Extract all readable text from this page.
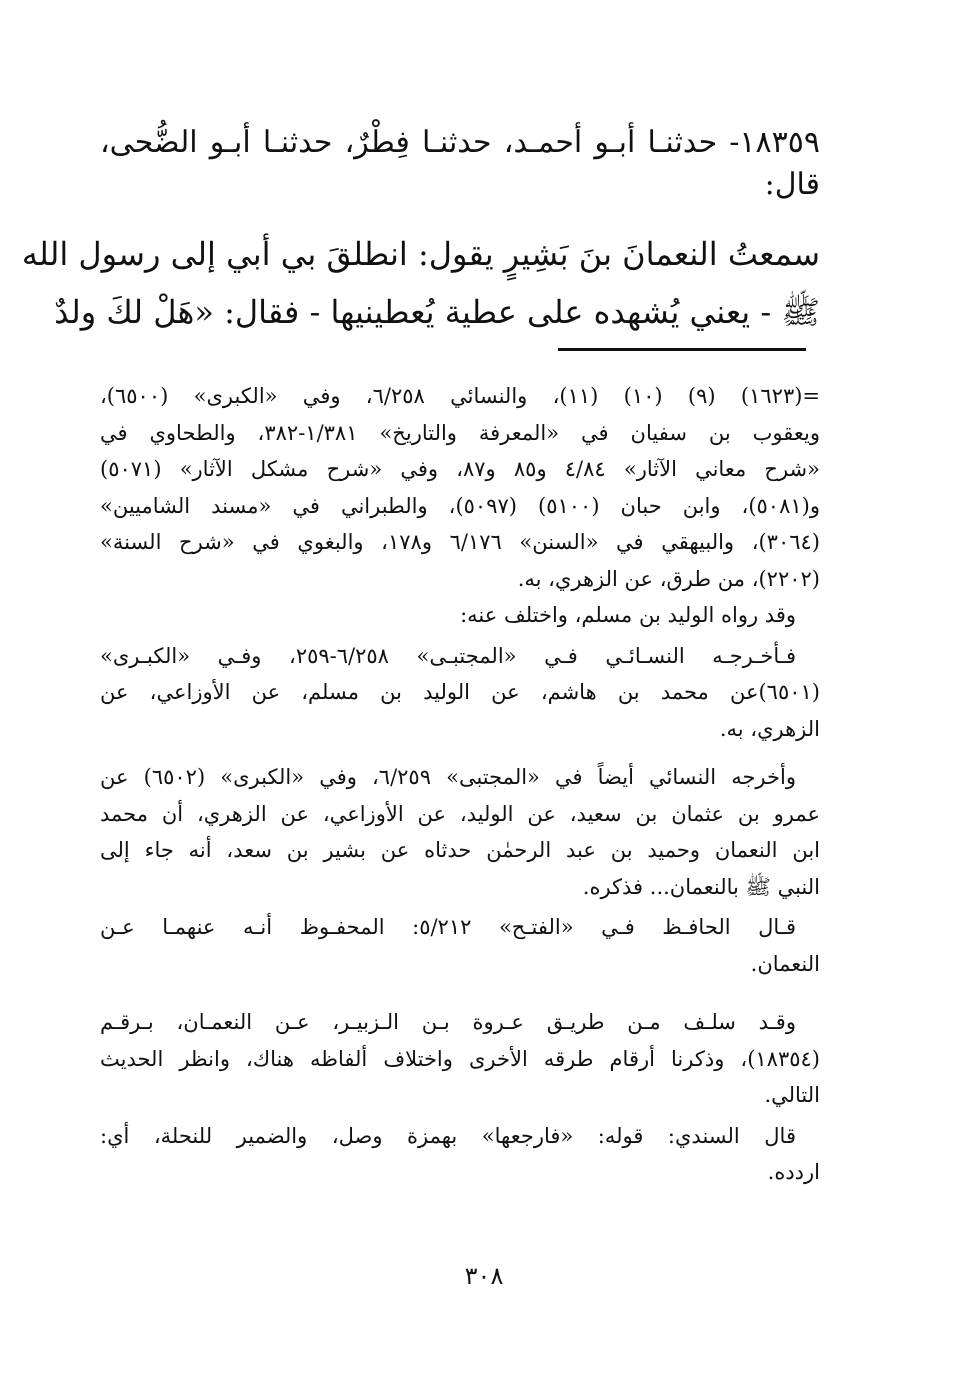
١٨٣٥٩- حدثنـا أبـو أحمـد، حدثنـا فِطْرٌ، حدثنـا أبـو الضُّحى،
قال:
سمعتُ النعمانَ بنَ بَشِيرٍ يقول: انطلقَ بي أبي إلى رسول الله
ﷺ - يعني يُشهده على عطية يُعطينيها - فقال: «هَلْ لكَ ولدٌ

=(١٦٢٣) (٩) (١٠) (١١)، والنسائي ٦/٢٥٨، وفي «الكبرى» (٦٥٠٠)،
ويعقوب بن سفيان في «المعرفة والتاريخ» ١/٣٨١-٣٨٢، والطحاوي في
«شرح معاني الآثار» ٤/٨٤ و٨٥ و٨٧، وفي «شرح مشكل الآثار» (٥٠٧١)
و(٥٠٨١)، وابن حبان (٥١٠٠) (٥٠٩٧)، والطبراني في «مسند الشاميين»
(٣٠٦٤)، والبيهقي في «السنن» ٦/١٧٦ و١٧٨، والبغوي في «شرح السنة»
(٢٢٠٢)، من طرق، عن الزهري، به.

وقد رواه الوليد بن مسلم، واختلف عنه:

فـأخـرجـه النسـائـي فـي «المجتبـى» ٦/٢٥٨-٢٥٩، وفـي «الكبـرى»
(٦٥٠١)عن محمد بن هاشم، عن الوليد بن مسلم، عن الأوزاعي، عن
الزهري، به.

وأخرجه النسائي أيضاً في «المجتبى» ٦/٢٥٩، وفي «الكبرى» (٦٥٠٢) عن
عمرو بن عثمان بن سعيد، عن الوليد، عن الأوزاعي، عن الزهري، أن محمد
ابن النعمان وحميد بن عبد الرحمٰن حدثاه عن بشير بن سعد، أنه جاء إلى
النبي ﷺ بالنعمان... فذكره.

قـال الحافـظ فـي «الفتـح» ٥/٢١٢: المحفـوظ أنـه عنهمـا عـن
النعمان.

وقـد سلـف مـن طريـق عـروة بـن الـزبيـر، عـن النعمـان، بـرقـم
(١٨٣٥٤)، وذكرنا أرقام طرقه الأخرى واختلاف ألفاظه هناك، وانظر الحديث
التالي.

قال السندي: قوله: «فارجعها» بهمزة وصل، والضمير للنحلة، أي:
اردده.

٣٠٨
